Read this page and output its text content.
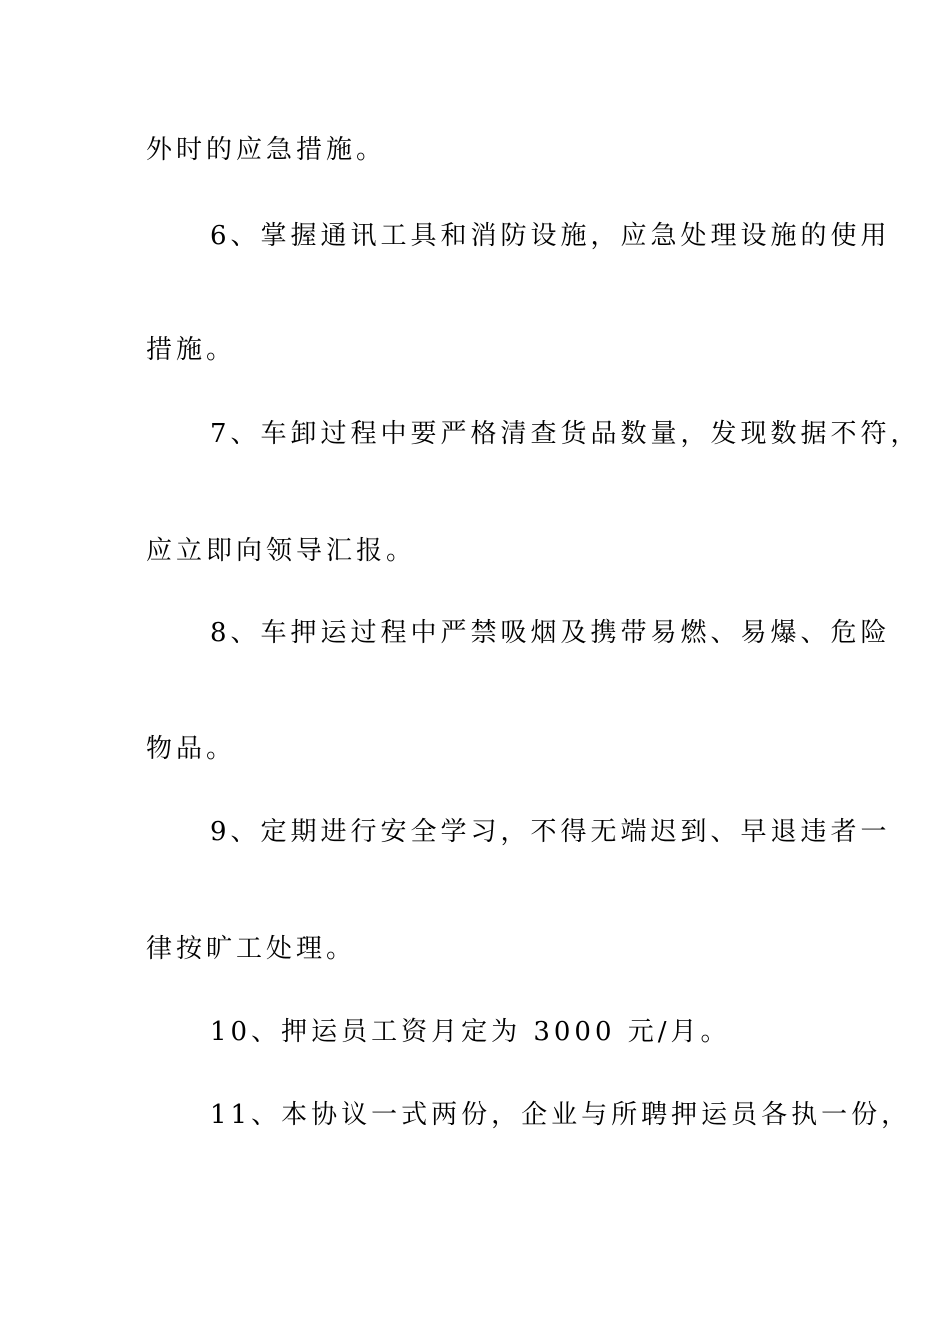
外时的应急措施。
6、掌握通讯工具和消防设施，应急处理设施的使用
措施。
7、车卸过程中要严格清查货品数量，发现数据不符，
应立即向领导汇报。
8、车押运过程中严禁吸烟及携带易燃、易爆、危险
物品。
9、定期进行安全学习，不得无端迟到、早退违者一
律按旷工处理。
10、押运员工资月定为 3000 元/月。
11、本协议一式两份，企业与所聘押运员各执一份，
